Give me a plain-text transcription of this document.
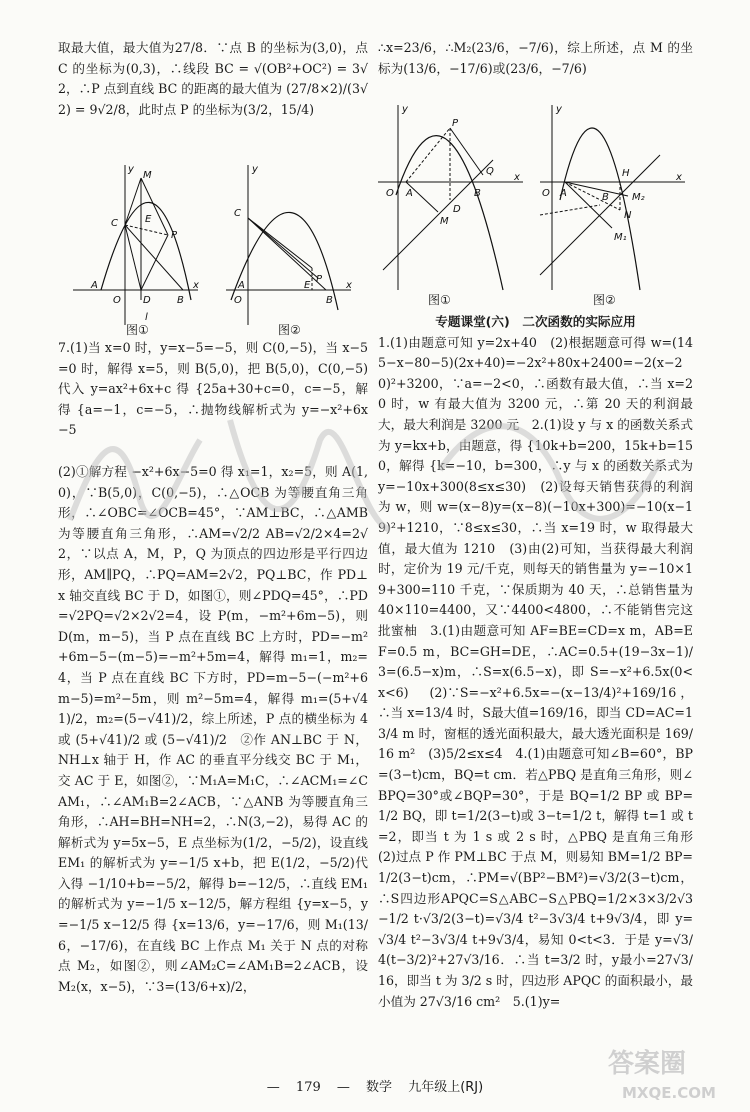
取最大值，最大值为27/8．∵点 B 的坐标为(3,0)，点 C 的坐标为(0,3)，∴线段 BC = √(OB²+OC²) = 3√2，∴P 点到直线 BC 的距离的最大值为 (27/8×2)/(3√2) = 9√2/8，此时点 P 的坐标为(3/2，15/4)

M
C	E
P
A
O D	B
x
y
l
C
O
P
E
B
x
y
A
图①	图②

7.(1)当 x=0 时，y=x−5=−5，则 C(0,−5)，当 x−5=0 时，解得 x=5，则 B(5,0)，把 B(5,0)，C(0,−5)代入 y=ax²+6x+c 得 {25a+30+c=0，c=−5，解得 {a=−1，c=−5，∴抛物线解析式为 y=−x²+6x−5

(2)①解方程 −x²+6x−5=0 得 x₁=1，x₂=5，则 A(1,0)，∵B(5,0)，C(0,−5)，∴△OCB 为等腰直角三角形，∴∠OBC=∠OCB=45°，∵AM⊥BC，∴△AMB 为等腰直角三角形，∴AM=√2/2 AB=√2/2×4=2√2，∵以点 A，M，P，Q 为顶点的四边形是平行四边形，AM∥PQ，∴PQ=AM=2√2，PQ⊥BC，作 PD⊥x 轴交直线 BC 于 D，如图①，则∠PDQ=45°，∴PD=√2PQ=√2×2√2=4，设 P(m，−m²+6m−5)，则 D(m，m−5)，当 P 点在直线 BC 上方时，PD=−m²+6m−5−(m−5)=−m²+5m=4，解得 m₁=1，m₂=4，当 P 点在直线 BC 下方时，PD=m−5−(−m²+6m−5)=m²−5m，则 m²−5m=4，解得 m₁=(5+√41)/2，m₂=(5−√41)/2，综上所述，P 点的横坐标为 4 或 (5+√41)/2 或 (5−√41)/2　②作 AN⊥BC 于 N，NH⊥x 轴于 H，作 AC 的垂直平分线交 BC 于 M₁，交 AC 于 E，如图②，∵M₁A=M₁C，∴∠ACM₁=∠CAM₁，∴∠AM₁B=2∠ACB，∵△ANB 为等腰直角三角形，∴AH=BH=NH=2，∴N(3,−2)，易得 AC 的解析式为 y=5x−5，E 点坐标为(1/2，−5/2)，设直线 EM₁ 的解析式为 y=−1/5 x+b，把 E(1/2，−5/2)代入得 −1/10+b=−5/2，解得 b=−12/5，∴直线 EM₁ 的解析式为 y=−1/5 x−12/5，解方程组 {y=x−5，y=−1/5 x−12/5 得 {x=13/6，y=−17/6，则 M₁(13/6，−17/6)，在直线 BC 上作点 M₁ 关于 N 点的对称点 M₂，如图②，则∠AM₂C=∠AM₁B=2∠ACB，设 M₂(x，x−5)，∵3=(13/6+x)/2，

∴x=23/6，∴M₂(23/6，−7/6)，综上所述，点 M 的坐标为(13/6，−17/6)或(23/6，−7/6)

P
Q
A
O
M
D
x
y
B
H
M₂
M₁
N
A
O	B
x
y
图①	图②
专题课堂(六)　二次函数的实际应用

1.(1)由题意可知 y=2x+40　(2)根据题意可得 w=(145−x−80−5)(2x+40)=−2x²+80x+2400=−2(x−20)²+3200，∵a=−2<0，∴函数有最大值，∴当 x=20 时，w 有最大值为 3200 元，∴第 20 天的利润最大，最大利润是 3200 元　2.(1)设 y 与 x 的函数关系式为 y=kx+b，由题意，得 {10k+b=200，15k+b=150，解得 {k=−10，b=300，∴y 与 x 的函数关系式为 y=−10x+300(8≤x≤30)　(2)设每天销售获得的利润为 w，则 w=(x−8)y=(x−8)(−10x+300)=−10(x−19)²+1210，∵8≤x≤30，∴当 x=19 时，w 取得最大值，最大值为 1210　(3)由(2)可知，当获得最大利润时，定价为 19 元/千克，则每天的销售量为 y=−10×19+300=110 千克，∵保质期为 40 天，∴总销售量为 40×110=4400，又∵4400<4800，∴不能销售完这批蜜柚　3.(1)由题意可知 AF=BE=CD=x m，AB=EF=0.5 m，BC=GH=DE，∴AC=0.5+(19−3x−1)/3=(6.5−x)m，∴S=x(6.5−x)，即 S=−x²+6.5x(0<x<6)　(2)∵S=−x²+6.5x=−(x−13/4)²+169/16，∴当 x=13/4 时，S最大值=169/16，即当 CD=AC=13/4 m 时，窗框的透光面积最大，最大透光面积是 169/16 m²　(3)5/2≤x≤4　4.(1)由题意可知∠B=60°，BP=(3−t)cm，BQ=t cm．若△PBQ 是直角三角形，则∠BPQ=30°或∠BQP=30°，于是 BQ=1/2 BP 或 BP=1/2 BQ，即 t=1/2(3−t)或 3−t=1/2 t，解得 t=1 或 t=2，即当 t 为 1 s 或 2 s 时，△PBQ 是直角三角形　(2)过点 P 作 PM⊥BC 于点 M，则易知 BM=1/2 BP=1/2(3−t)cm，∴PM=√(BP²−BM²)=√3/2(3−t)cm，∴S四边形APQC=S△ABC−S△PBQ=1/2×3×3/2√3−1/2 t·√3/2(3−t)=√3/4 t²−3√3/4 t+9√3/4，即 y=√3/4 t²−3√3/4 t+9√3/4，易知 0<t<3．于是 y=√3/4(t−3/2)²+27√3/16．∴当 t=3/2 时，y最小=27√3/16，即当 t 为 3/2 s 时，四边形 APQC 的面积最小，最小值为 27√3/16 cm²　5.(1)y=

— 179 — 数学 九年级上(RJ)
答案圈
MXQE.COM
